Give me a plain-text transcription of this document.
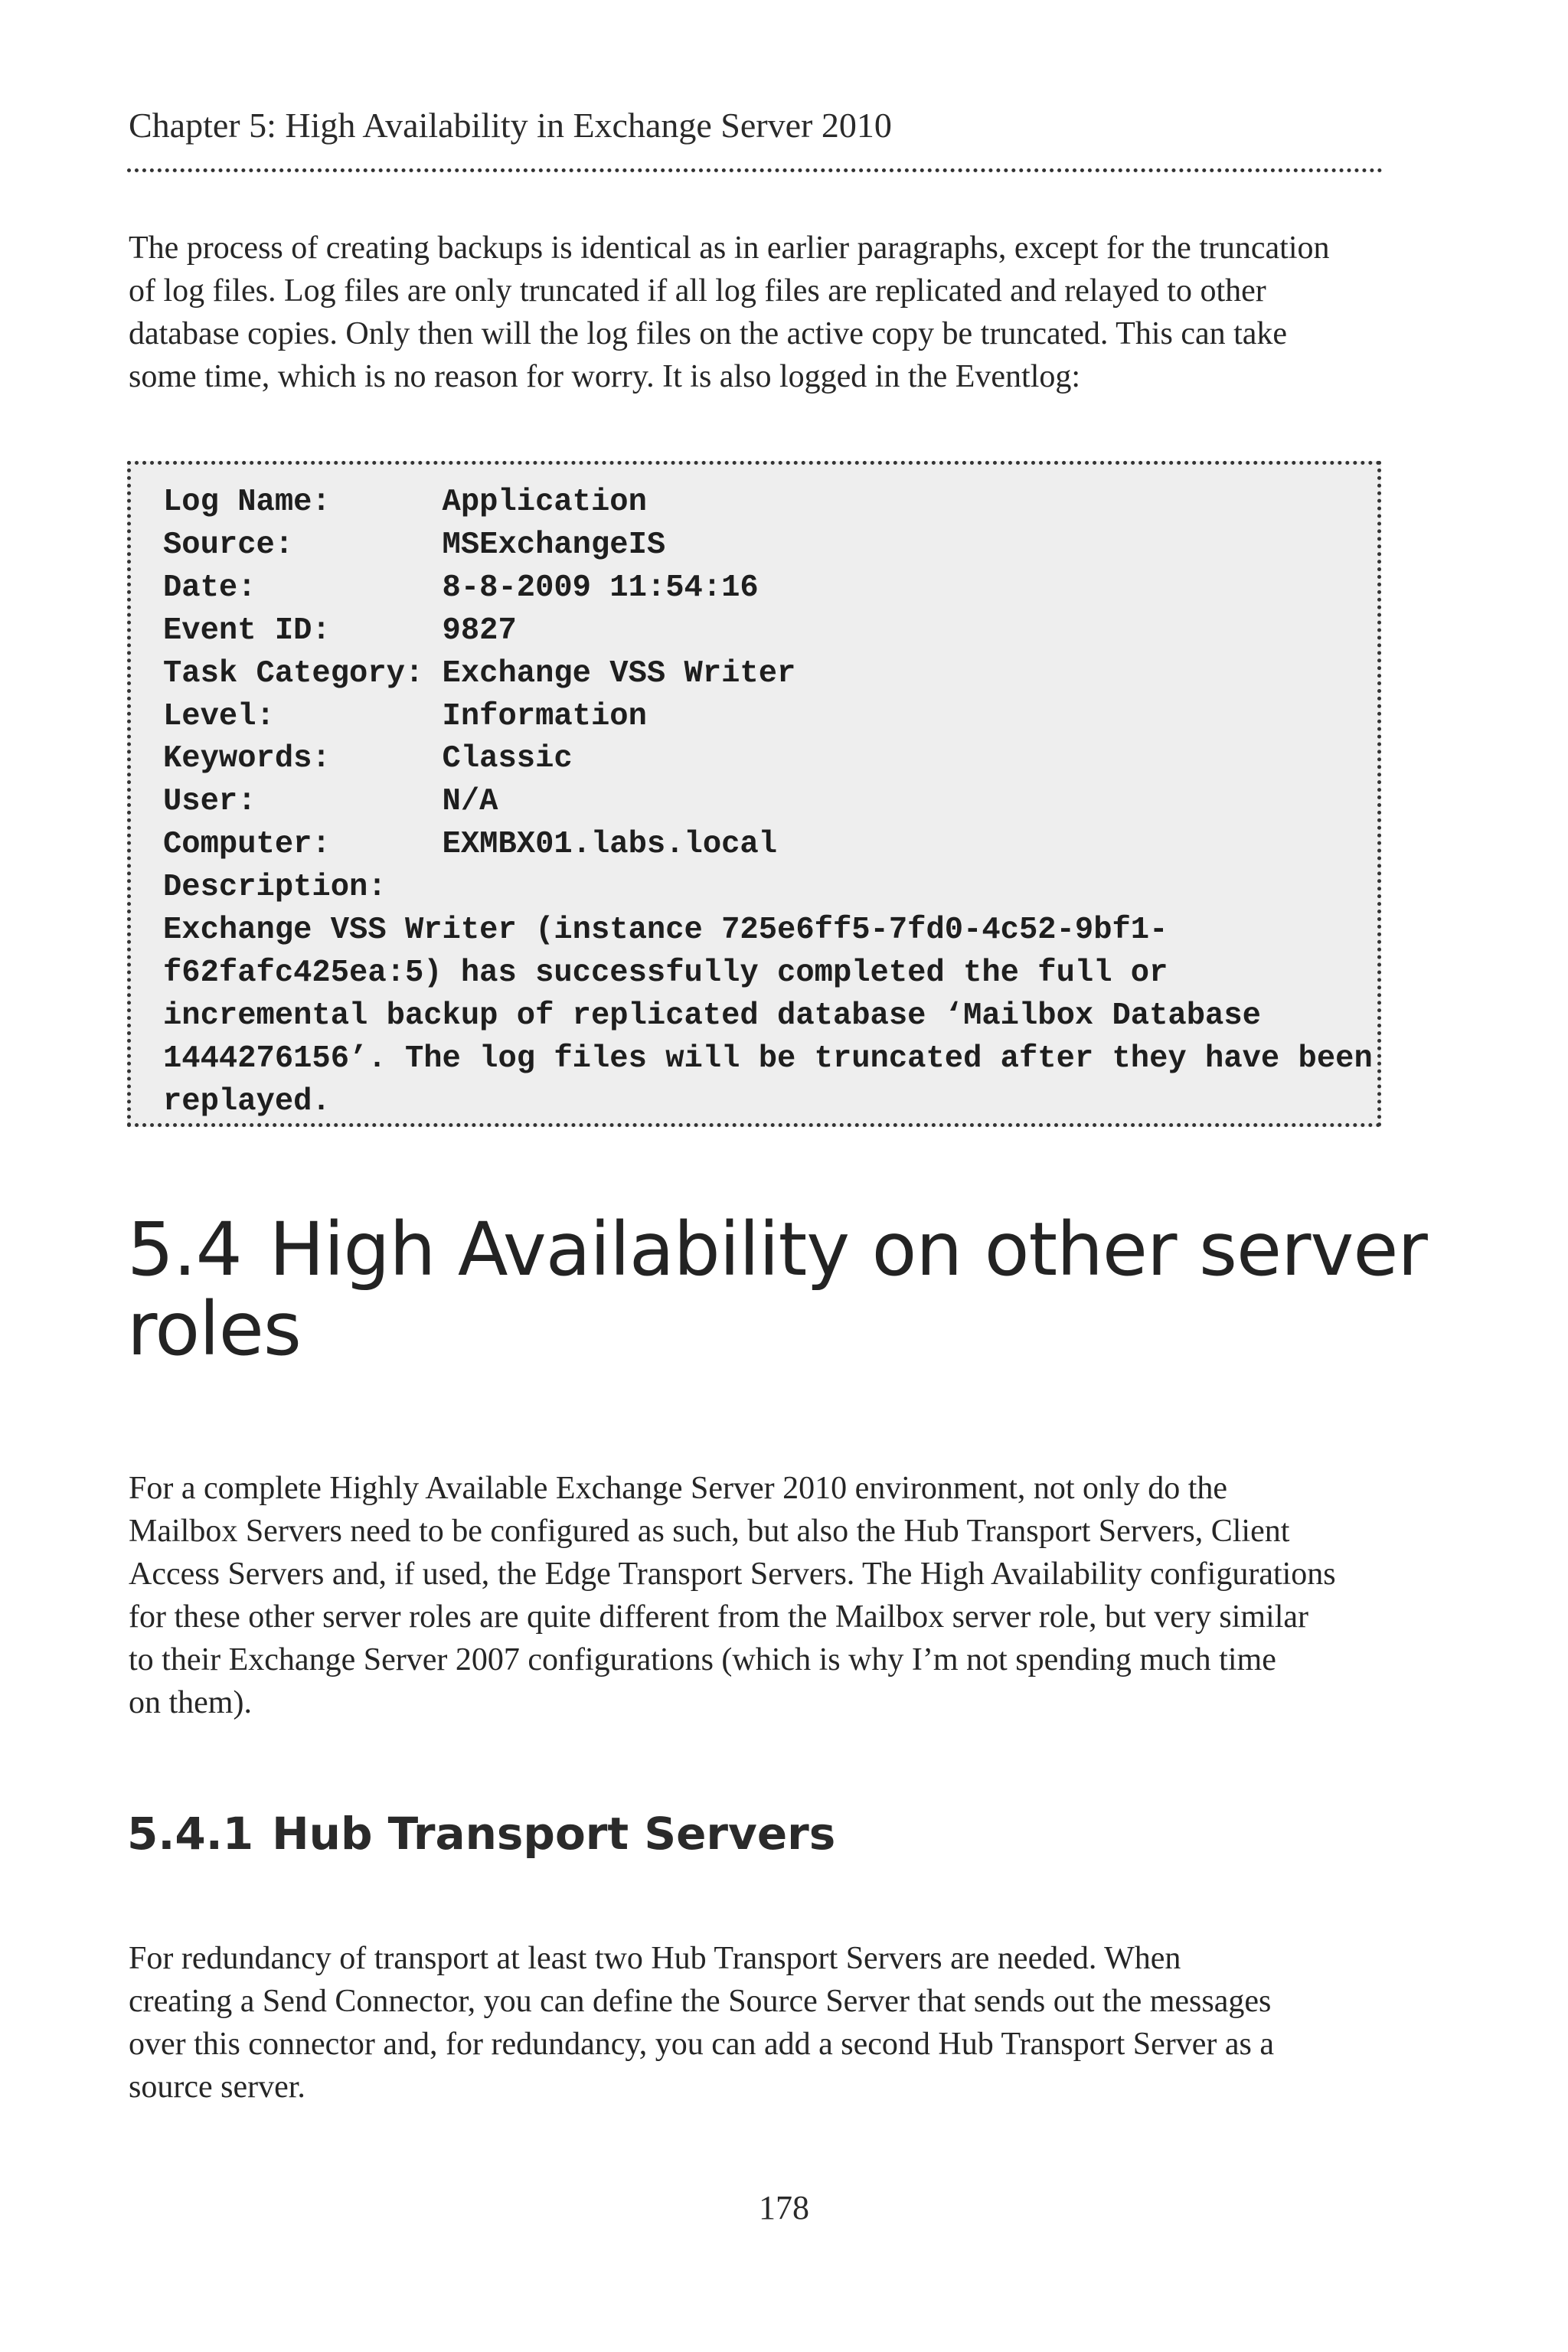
Chapter 5: High Availability in Exchange Server 2010

The process of creating backups is identical as in earlier paragraphs, except for the truncation
of log files. Log files are only truncated if all log files are replicated and relayed to other
database copies. Only then will the log files on the active copy be truncated. This can take
some time, which is no reason for worry. It is also logged in the Eventlog:

Log Name:      Application
Source:        MSExchangeIS
Date:          8-8-2009 11:54:16
Event ID:      9827
Task Category: Exchange VSS Writer
Level:         Information
Keywords:      Classic
User:          N/A
Computer:      EXMBX01.labs.local
Description:
Exchange VSS Writer (instance 725e6ff5-7fd0-4c52-9bf1-
f62fafc425ea:5) has successfully completed the full or
incremental backup of replicated database ‘Mailbox Database
1444276156’. The log files will be truncated after they have been
replayed.
5.4 High Availability on other server
roles

For a complete Highly Available Exchange Server 2010 environment, not only do the
Mailbox Servers need to be configured as such, but also the Hub Transport Servers, Client
Access Servers and, if used, the Edge Transport Servers. The High Availability configurations
for these other server roles are quite different from the Mailbox server role, but very similar
to their Exchange Server 2007 configurations (which is why I’m not spending much time
on them).

5.4.1 Hub Transport Servers

For redundancy of transport at least two Hub Transport Servers are needed. When
creating a Send Connector, you can define the Source Server that sends out the messages
over this connector and, for redundancy, you can add a second Hub Transport Server as a
source server.

178
